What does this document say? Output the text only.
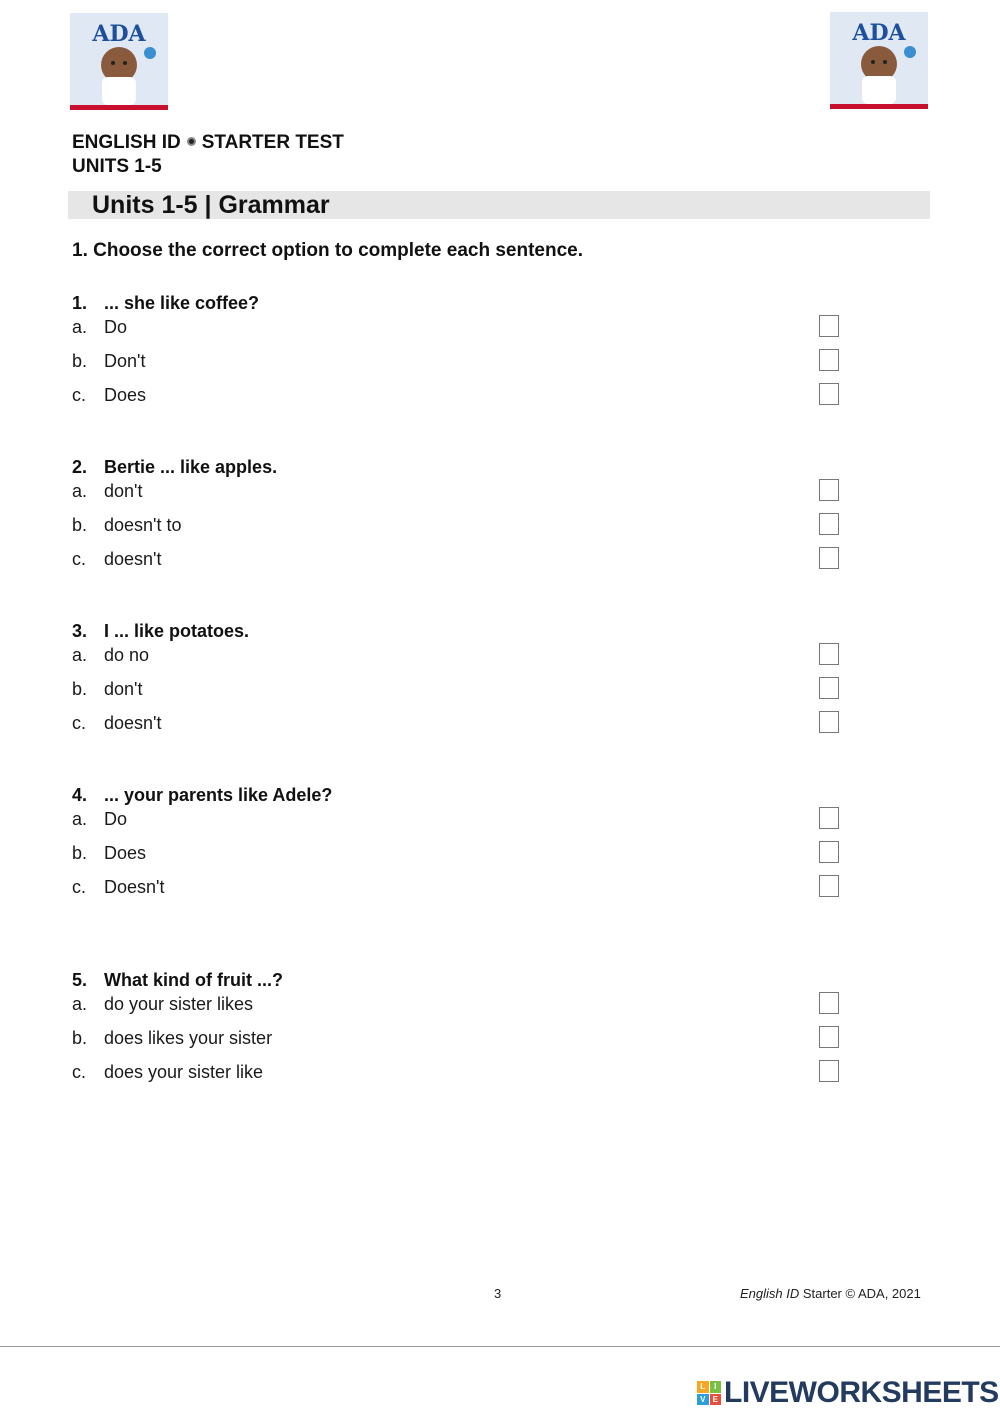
ADA	ADA
ENGLISH ID STARTER TEST
UNITS 1-5
Units 1-5 | Grammar
1. Choose the correct option to complete each sentence.
1. ... she like coffee?
a. Do
b. Don't
c. Does
2. Bertie ... like apples.
a. don't
b. doesn't to
c. doesn't
3. I ... like potatoes.
a. do no
b. don't
c. doesn't
4. ... your parents like Adele?
a. Do
b. Does
c. Doesn't
5. What kind of fruit ...?
a. do your sister likes
b. does likes your sister
c. does your sister like
3	English ID Starter © ADA, 2021
L	I
V E LIVEWORKSHEETS
